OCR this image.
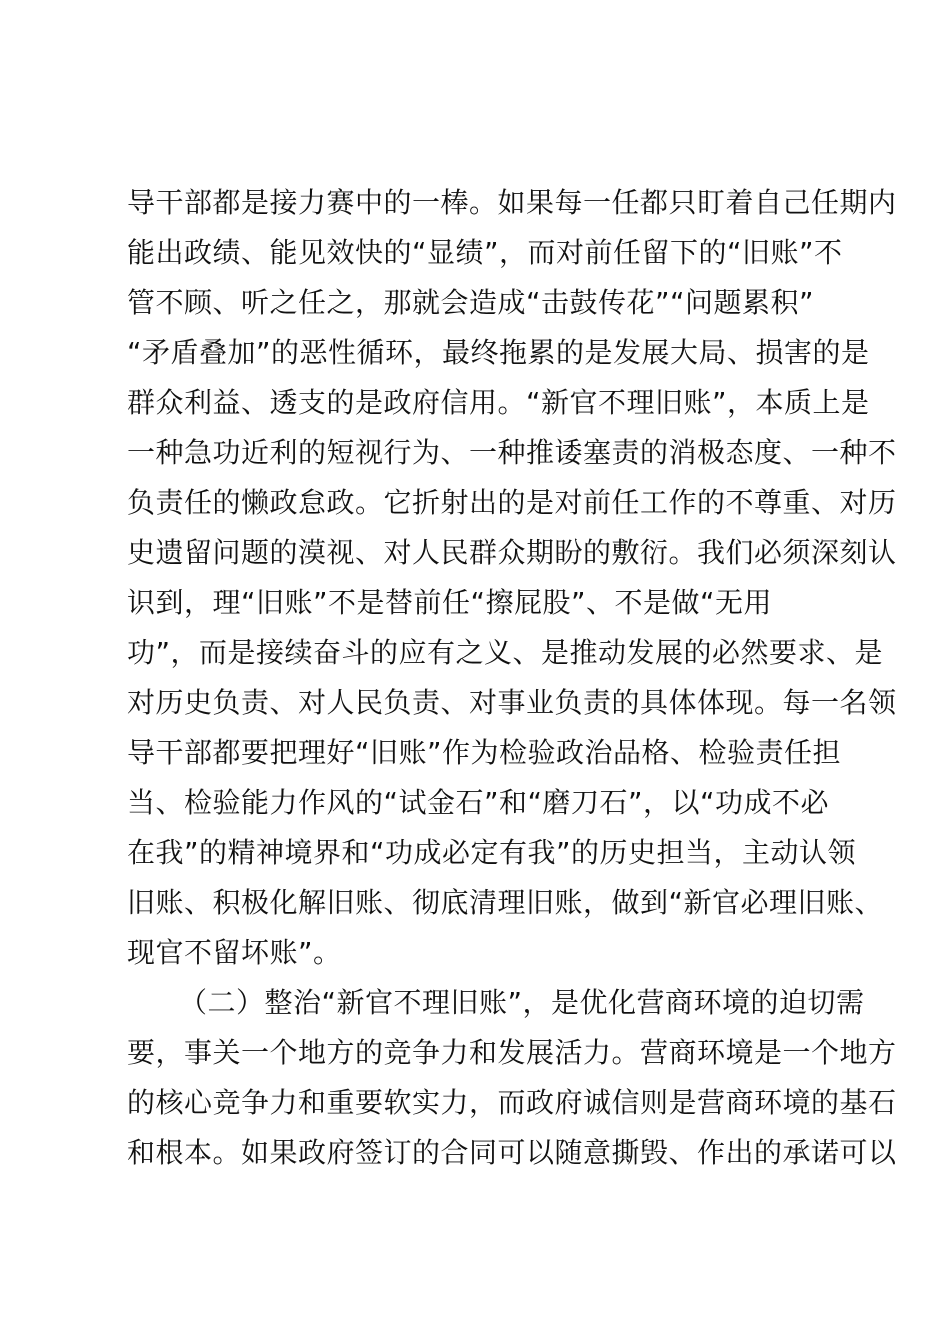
导干部都是接力赛中的一棒。如果每一任都只盯着自己任期内
能出政绩、能见效快的“显绩”，而对前任留下的“旧账”不
管不顾、听之任之，那就会造成“击鼓传花”“问题累积”
“矛盾叠加”的恶性循环，最终拖累的是发展大局、损害的是
群众利益、透支的是政府信用。“新官不理旧账”，本质上是
一种急功近利的短视行为、一种推诿塞责的消极态度、一种不
负责任的懒政怠政。它折射出的是对前任工作的不尊重、对历
史遗留问题的漠视、对人民群众期盼的敷衍。我们必须深刻认
识到，理“旧账”不是替前任“擦屁股”、不是做“无用
功”，而是接续奋斗的应有之义、是推动发展的必然要求、是
对历史负责、对人民负责、对事业负责的具体体现。每一名领
导干部都要把理好“旧账”作为检验政治品格、检验责任担
当、检验能力作风的“试金石”和“磨刀石”，以“功成不必
在我”的精神境界和“功成必定有我”的历史担当，主动认领
旧账、积极化解旧账、彻底清理旧账，做到“新官必理旧账、
现官不留坏账”。
（二）整治“新官不理旧账”，是优化营商环境的迫切需
要，事关一个地方的竞争力和发展活力。营商环境是一个地方
的核心竞争力和重要软实力，而政府诚信则是营商环境的基石
和根本。如果政府签订的合同可以随意撕毁、作出的承诺可以
